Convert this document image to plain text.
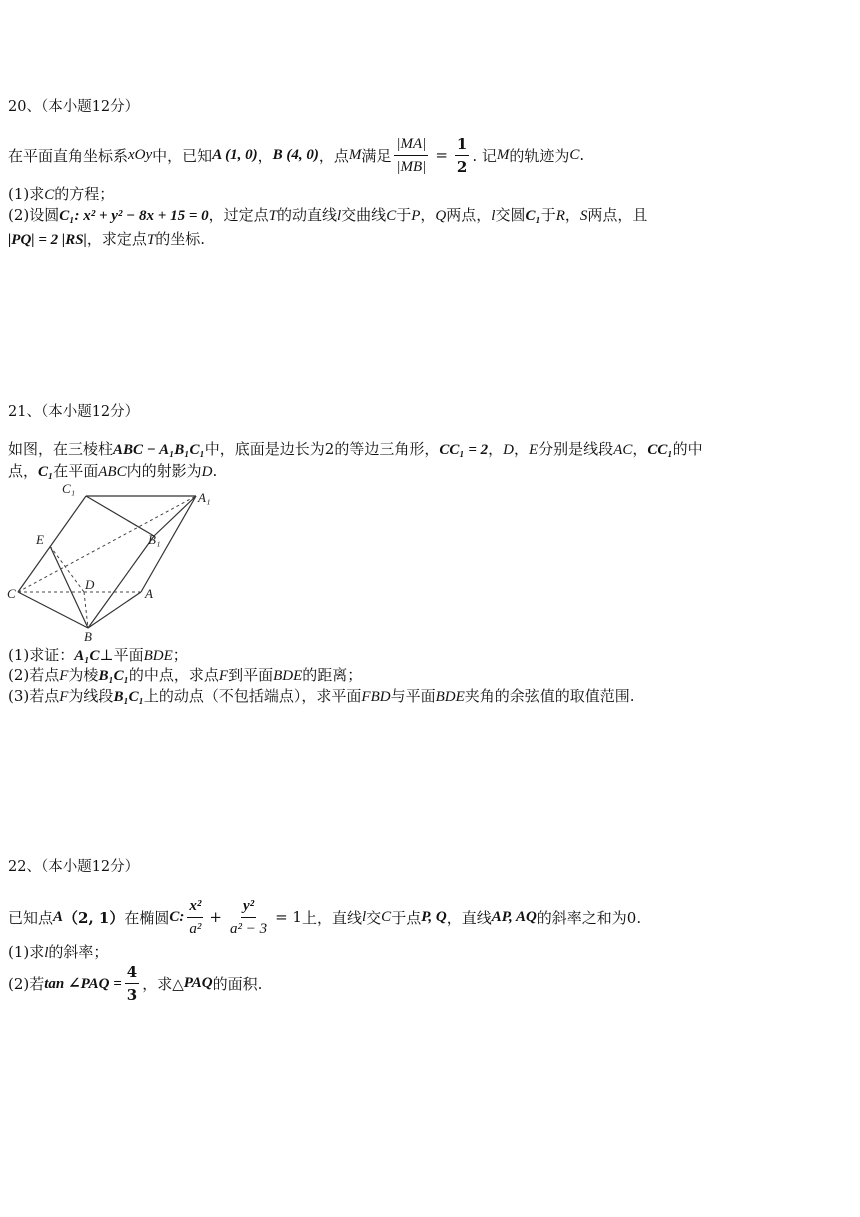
20、（本小题12分）
在平面直角坐标系 xOy 中，已知 A (1, 0) ， B (4, 0) ，点 M 满足 $\frac{|MA|}{|MB|} = \frac{1}{2}$ . 记 M 的轨迹为 C .
(1)求C的方程；
(2)设圆C₁: x² + y² − 8x + 15 = 0，过定点T的动直线l交曲线C于P，Q两点，l交圆C₁于R，S两点，且
|PQ| = 2 |RS|，求定点T的坐标.
21、（本小题12分）
如图，在三棱柱ABC − A₁B₁C₁中，底面是边长为2的等边三角形，CC₁ = 2，D，E分别是线段AC，CC₁的中
点，C₁在平面ABC内的射影为D.
C	A
B
D
E
C₁
A₁
B₁
(1)求证：A₁C⊥平面BDE；
(2)若点F为棱B₁C₁的中点，求点F到平面BDE的距离；
(3)若点F为线段B₁C₁上的动点（不包括端点），求平面FBD与平面BDE夹角的余弦值的取值范围.
22、（本小题12分）
已知点 A （2, 1） 在椭圆 C: $\frac{\text{x²}}{\text{a²}} + \frac{\text{y²}}{\text{a² − 3}} = 1$ 上，直线 l 交 C 于点 P, Q ，直线 AP, AQ 的斜率之和为0.
(1)求l的斜率；
(2)若 tan ∠PAQ = $\frac{4}{3}$ ，求△ PAQ 的面积.
